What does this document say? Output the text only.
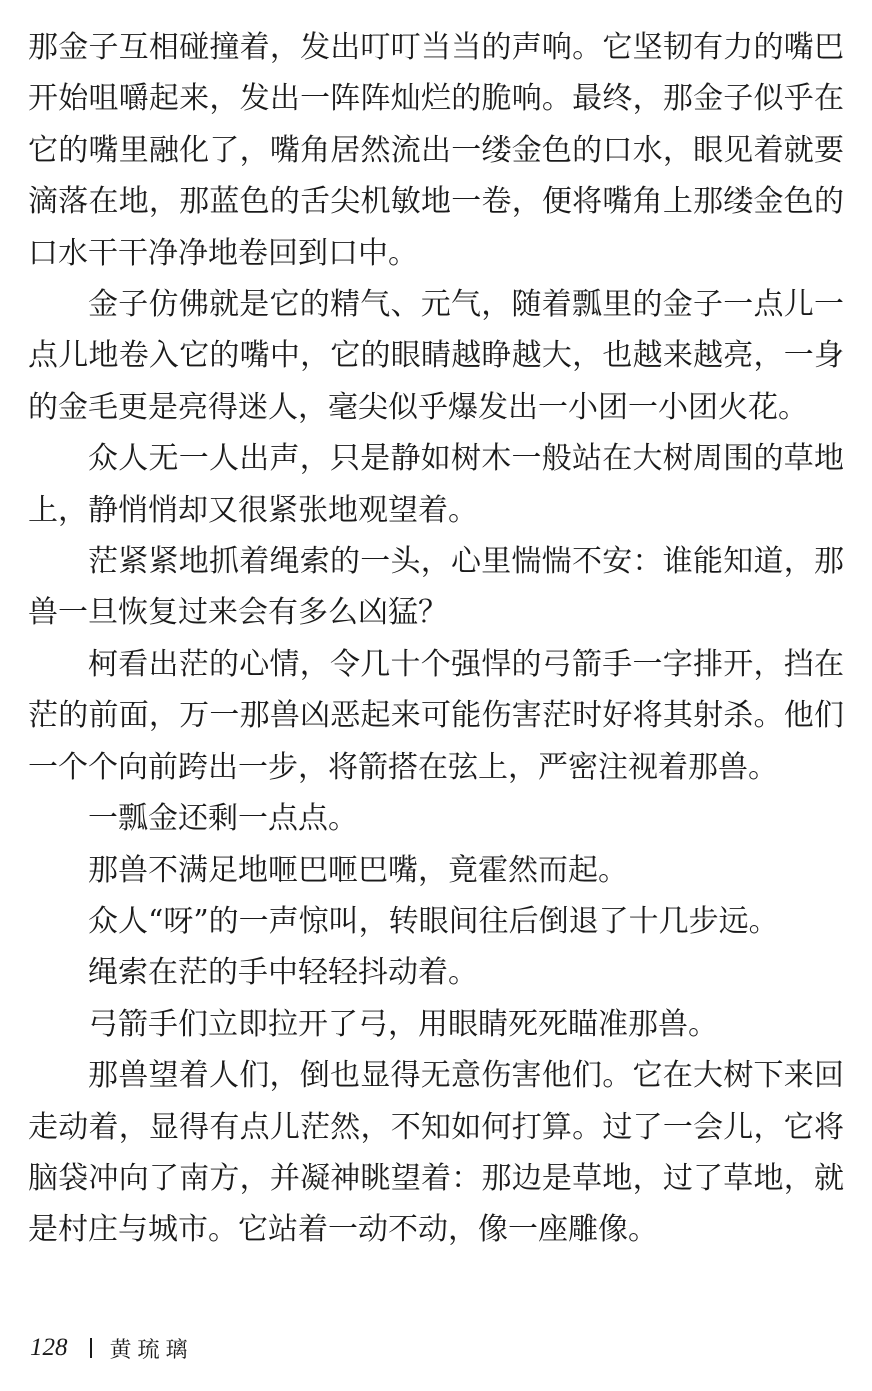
那金子互相碰撞着，发出叮叮当当的声响。它坚韧有力的嘴巴开始咀嚼起来，发出一阵阵灿烂的脆响。最终，那金子似乎在它的嘴里融化了，嘴角居然流出一缕金色的口水，眼见着就要滴落在地，那蓝色的舌尖机敏地一卷，便将嘴角上那缕金色的口水干干净净地卷回到口中。

金子仿佛就是它的精气、元气，随着瓢里的金子一点儿一点儿地卷入它的嘴中，它的眼睛越睁越大，也越来越亮，一身的金毛更是亮得迷人，毫尖似乎爆发出一小团一小团火花。

众人无一人出声，只是静如树木一般站在大树周围的草地上，静悄悄却又很紧张地观望着。

茫紧紧地抓着绳索的一头，心里惴惴不安：谁能知道，那兽一旦恢复过来会有多么凶猛？

柯看出茫的心情，令几十个强悍的弓箭手一字排开，挡在茫的前面，万一那兽凶恶起来可能伤害茫时好将其射杀。他们一个个向前跨出一步，将箭搭在弦上，严密注视着那兽。

一瓢金还剩一点点。

那兽不满足地咂巴咂巴嘴，竟霍然而起。

众人“呀”的一声惊叫，转眼间往后倒退了十几步远。

绳索在茫的手中轻轻抖动着。

弓箭手们立即拉开了弓，用眼睛死死瞄准那兽。

那兽望着人们，倒也显得无意伤害他们。它在大树下来回走动着，显得有点儿茫然，不知如何打算。过了一会儿，它将脑袋冲向了南方，并凝神眺望着：那边是草地，过了草地，就是村庄与城市。它站着一动不动，像一座雕像。

128 黄琉璃
